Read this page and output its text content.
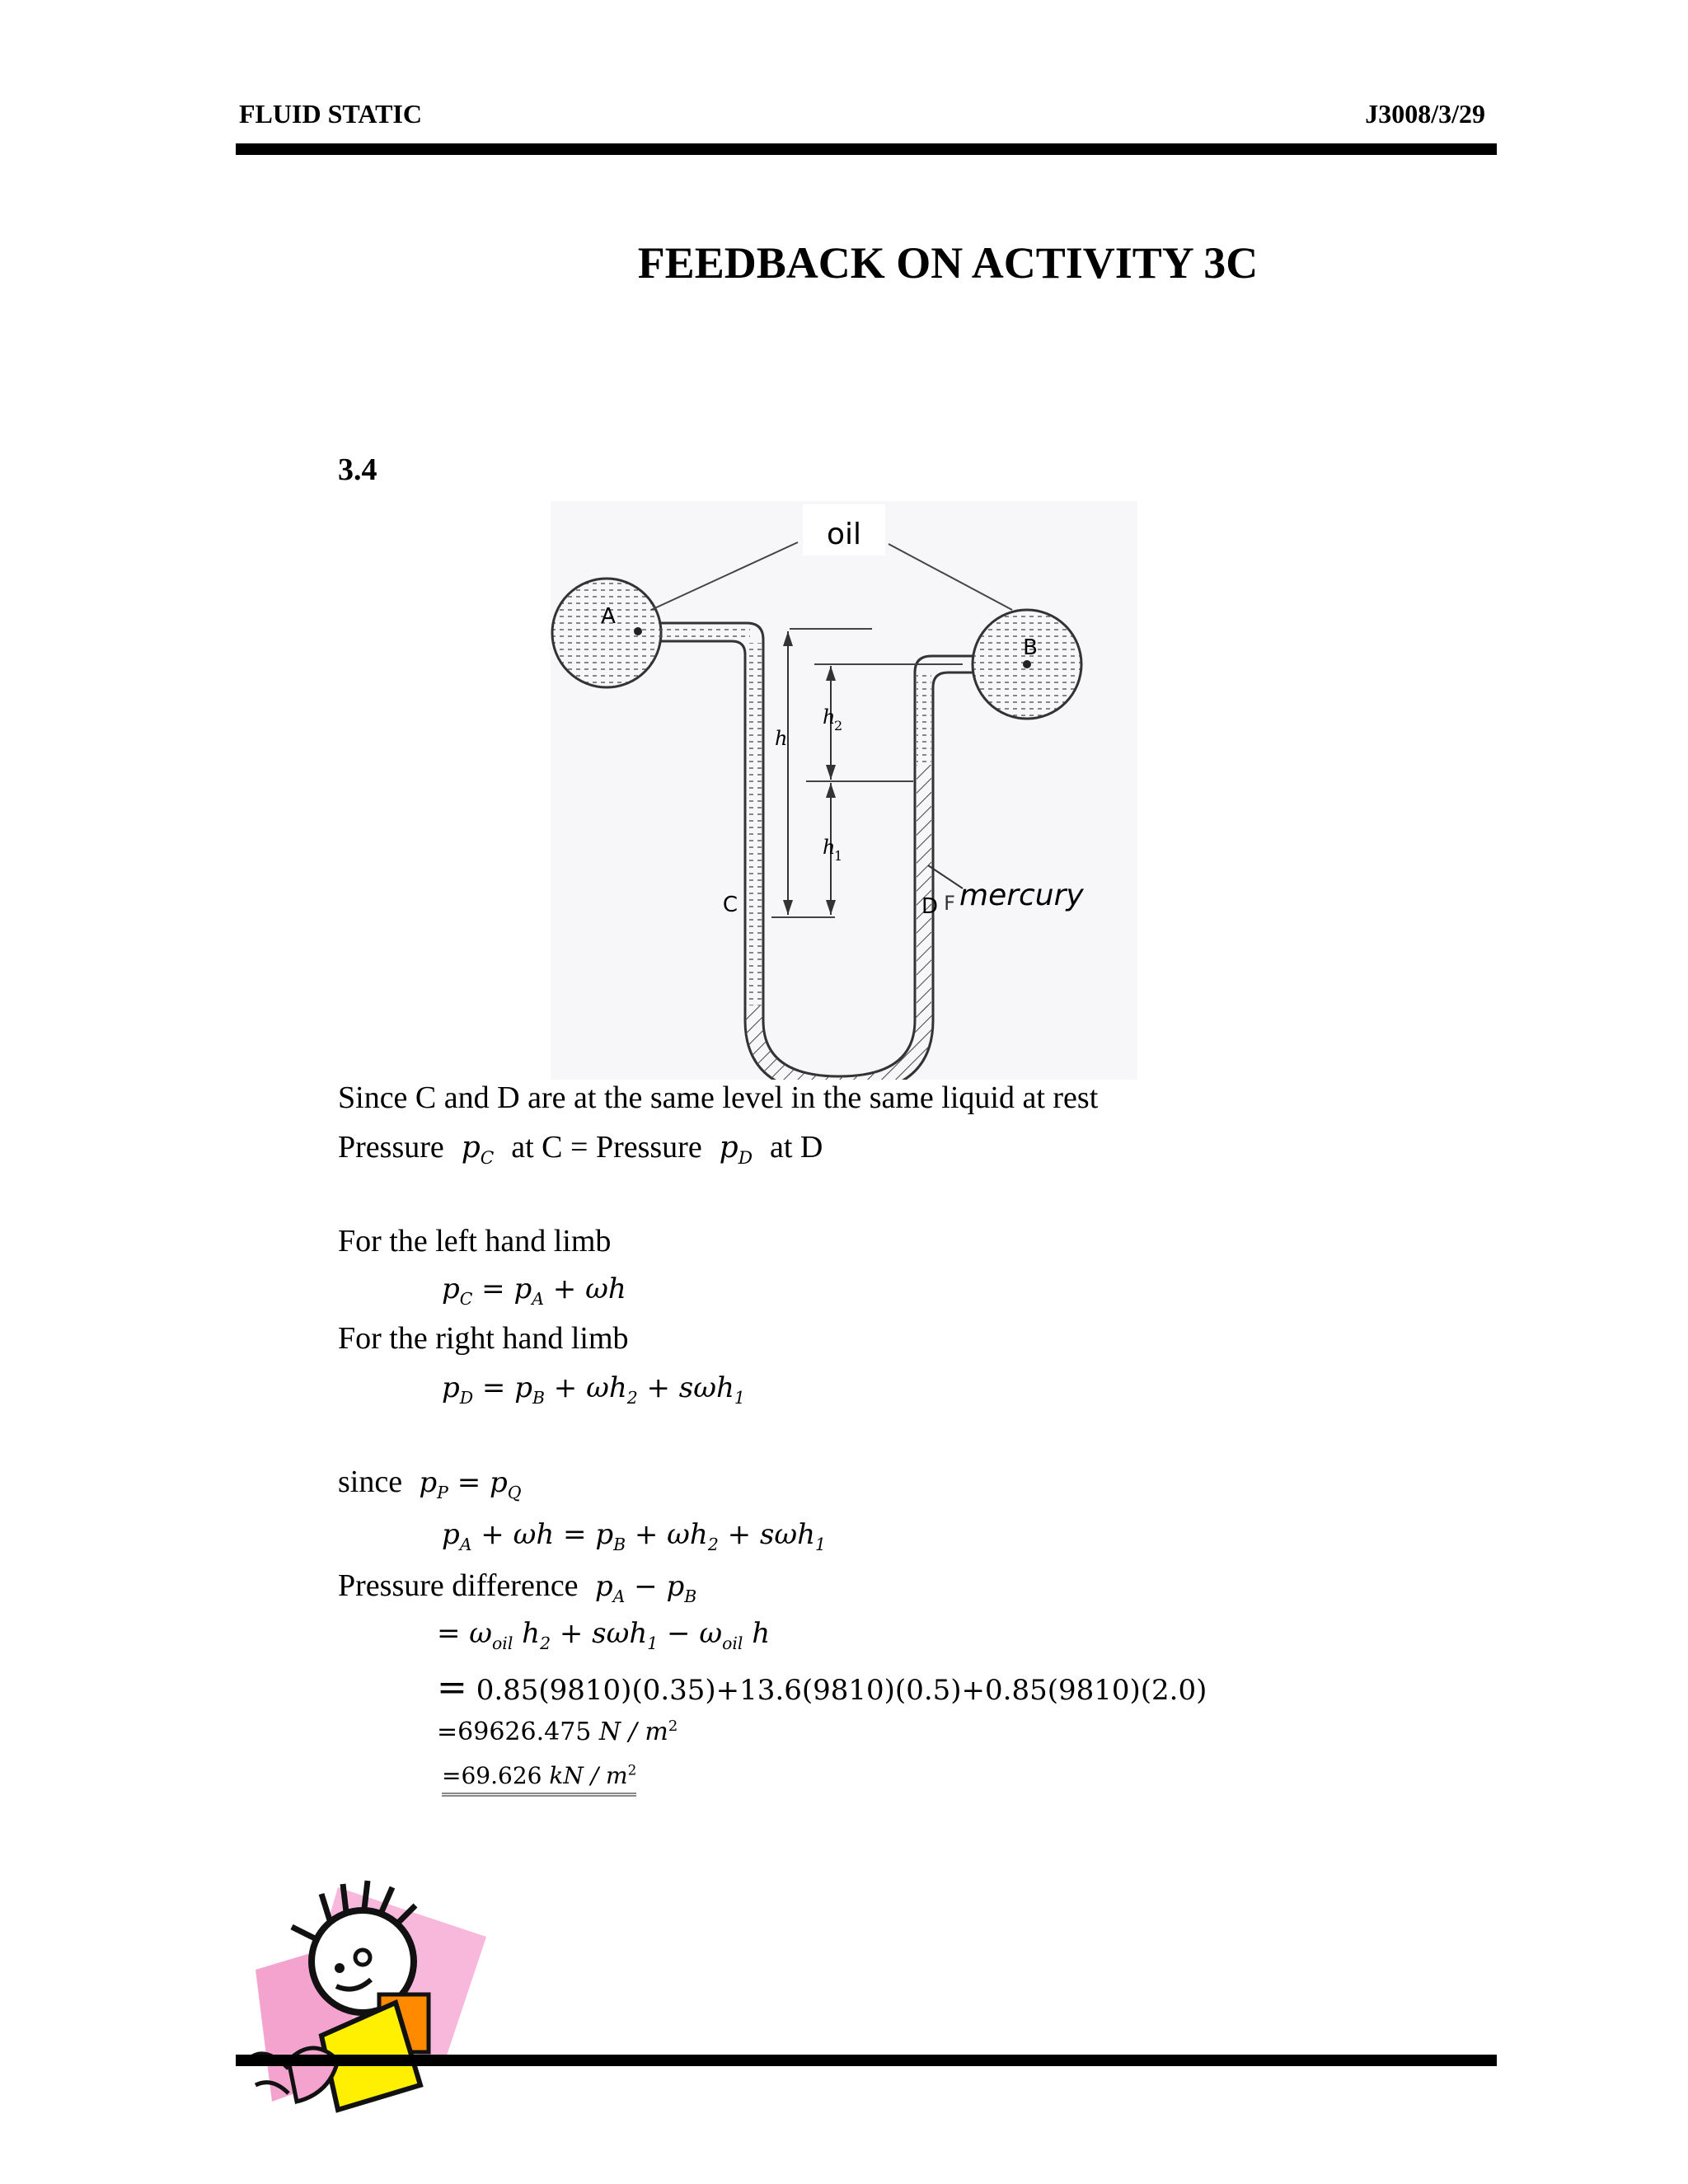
FLUID STATIC	J3008/3/29
FEEDBACK ON ACTIVITY 3C
3.4
oil
A
B
C	D F mercury
h
h
2
h
1
Since C and D are at the same level in the same liquid at rest
Pressure  $p_C$ at C = Pressure  $p_D$ at D
For the left hand limb
$p_C = p_A + \omega h$
For the right hand limb
$p_D = p_B + \omega h_2 + s\omega h_1$
since  $p_P = p_Q$
$p_A + \omega h = p_B + \omega h_2 + s\omega h_1$
Pressure difference  $p_A - p_B$
= $\omega_{oil}$ $h_2 + s\omega h_1 - \omega_{oil}$ h
= 0.85(9810)(0.35)+13.6(9810)(0.5)+0.85(9810)(2.0)
=69626.475 N / $m^2$
=69.626 kN / $m^2$
